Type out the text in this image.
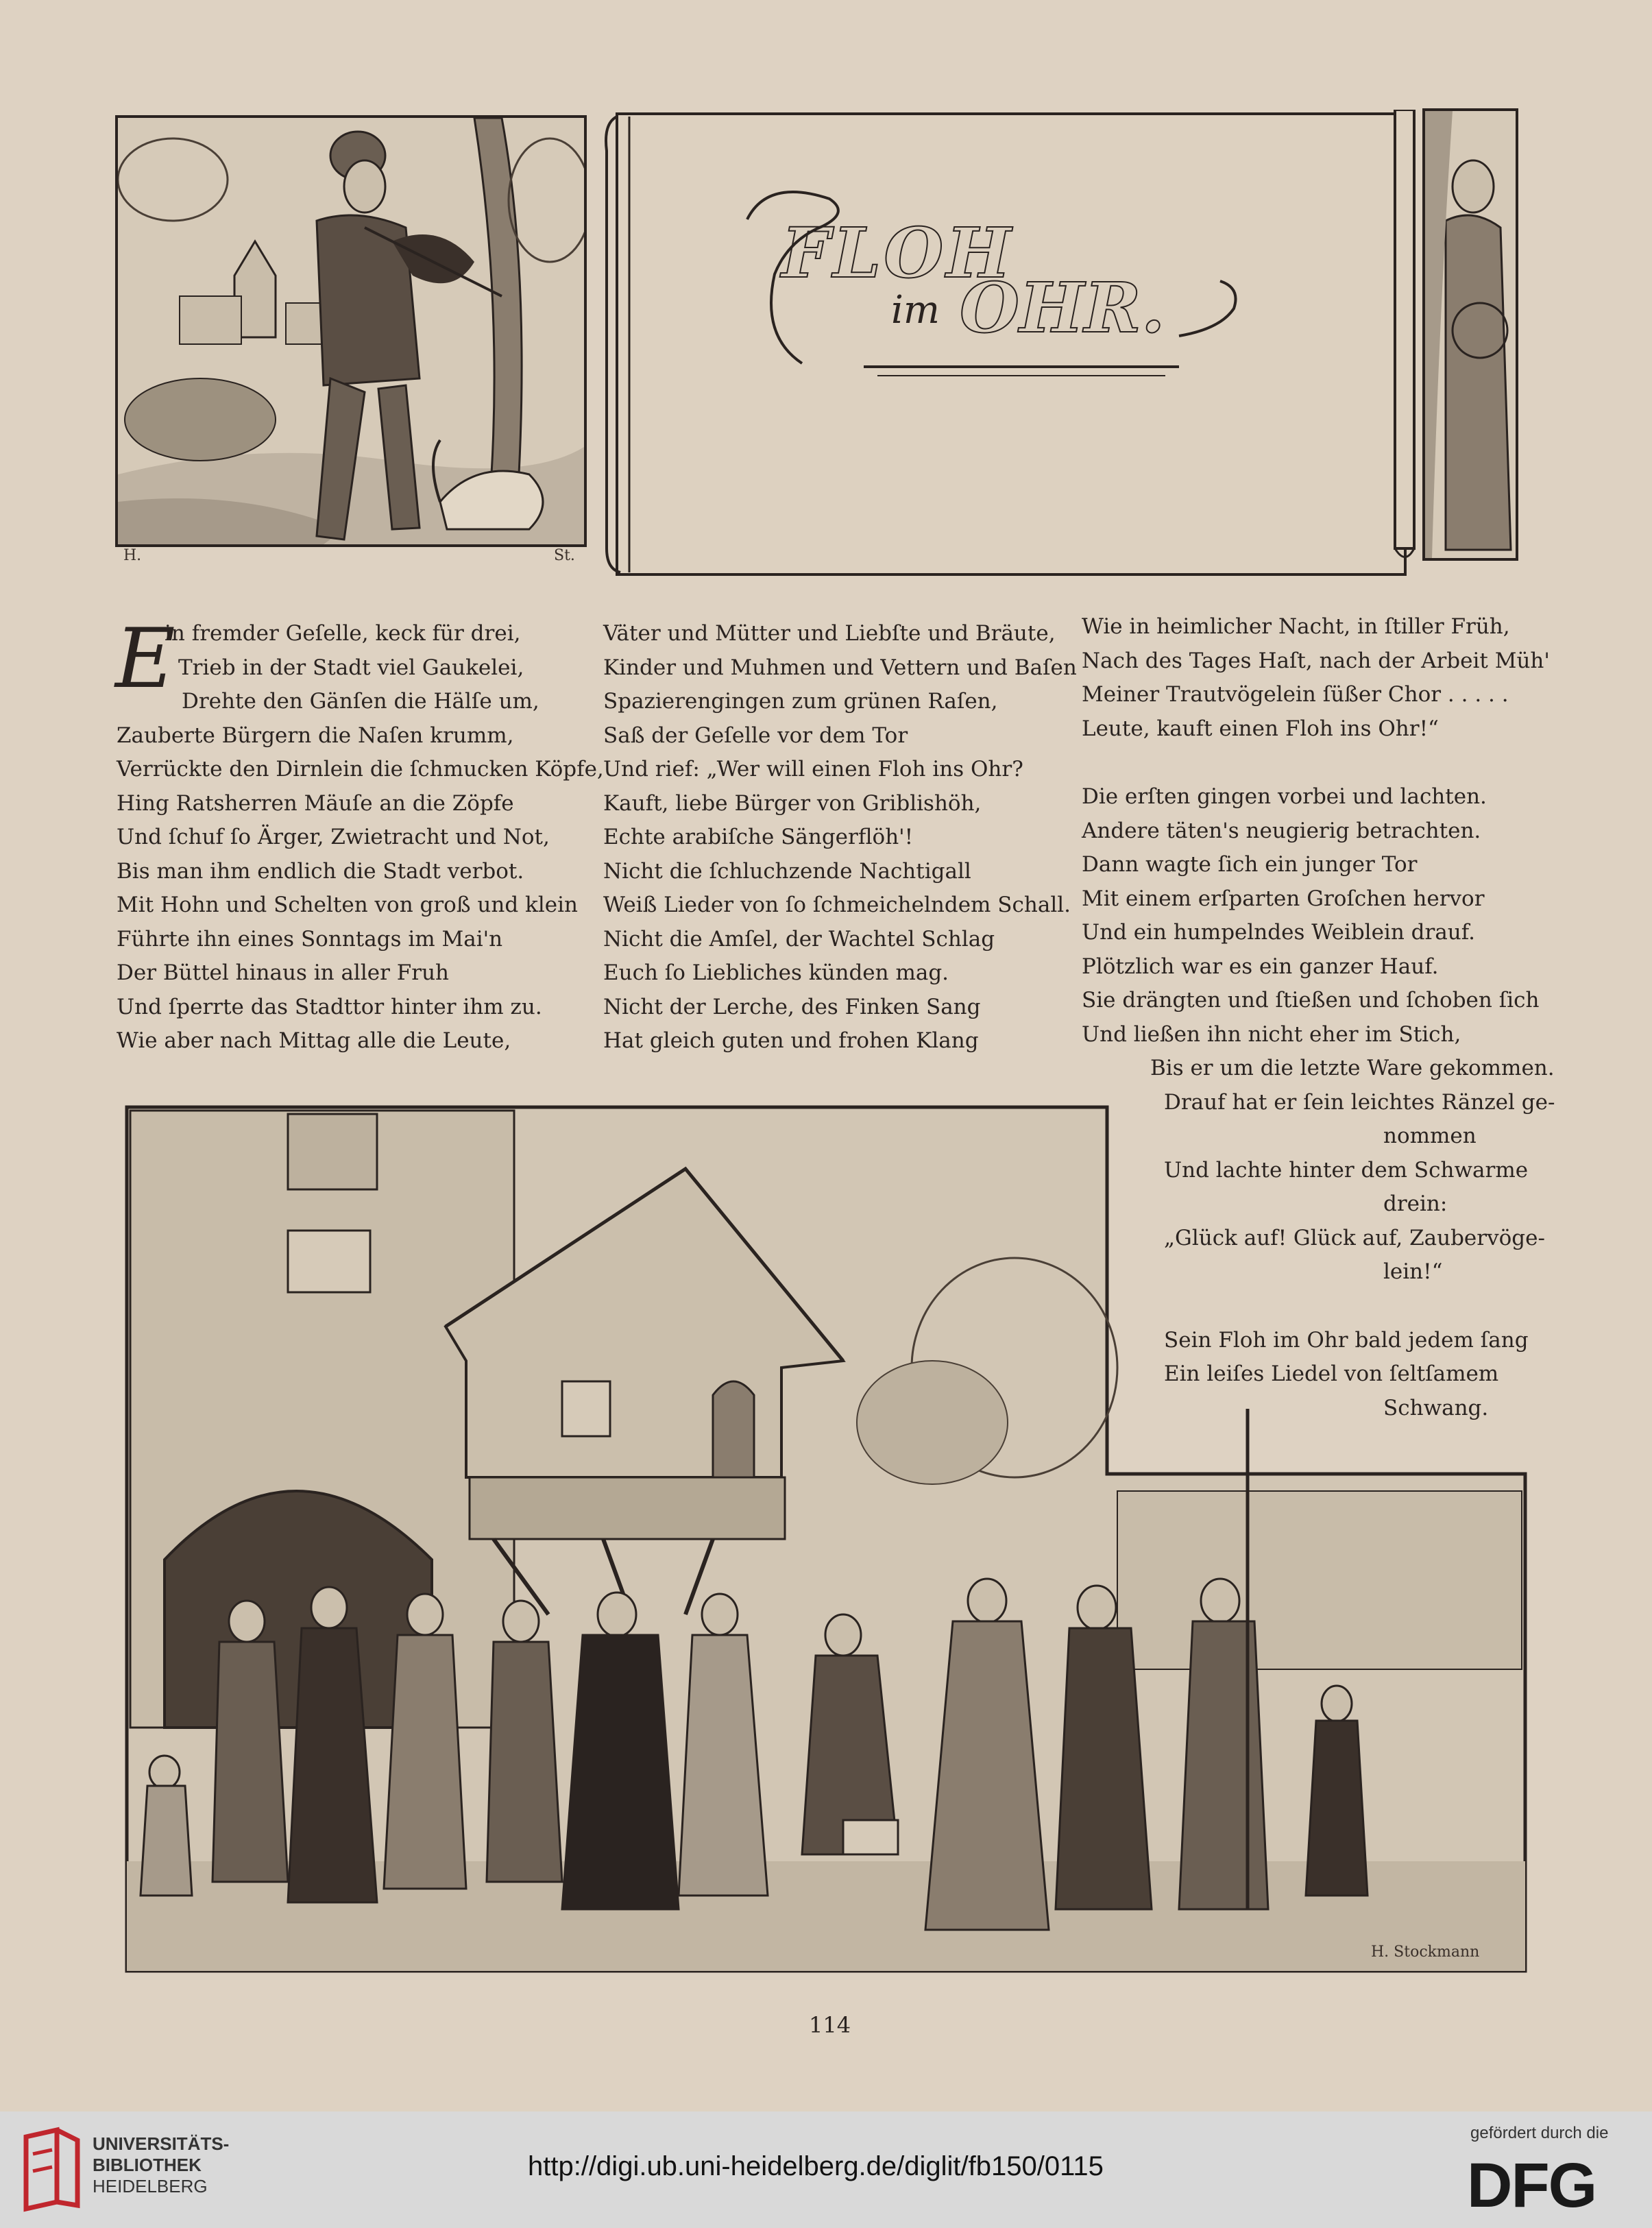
H.	St.
FLOH
im OHR.
E
in fremder Geſelle, keck für drei,
Trieb in der Stadt viel Gaukelei,
Drehte den Gänſen die Hälſe um,
Zauberte Bürgern die Naſen krumm,
Verrückte den Dirnlein die ſchmucken Köpfe,
Hing Ratsherren Mäuſe an die Zöpfe
Und ſchuf ſo Ärger, Zwietracht und Not,
Bis man ihm endlich die Stadt verbot.
Mit Hohn und Schelten von groß und klein
Führte ihn eines Sonntags im Mai'n
Der Büttel hinaus in aller Fruh
Und ſperrte das Stadttor hinter ihm zu.
Wie aber nach Mittag alle die Leute,
Väter und Mütter und Liebſte und Bräute,
Kinder und Muhmen und Vettern und Baſen
Spazierengingen zum grünen Raſen,
Saß der Geſelle vor dem Tor
Und rief: „Wer will einen Floh ins Ohr?
Kauft, liebe Bürger von Griblishöh,
Echte arabiſche Sängerflöh'!
Nicht die ſchluchzende Nachtigall
Weiß Lieder von ſo ſchmeichelndem Schall.
Nicht die Amſel, der Wachtel Schlag
Euch ſo Liebliches künden mag.
Nicht der Lerche, des Finken Sang
Hat gleich guten und frohen Klang
Wie in heimlicher Nacht, in ſtiller Früh,
Nach des Tages Haſt, nach der Arbeit Müh'
Meiner Trautvögelein ſüßer Chor . . . . .
Leute, kauft einen Floh ins Ohr!“
Die erſten gingen vorbei und lachten.
Andere täten's neugierig betrachten.
Dann wagte ſich ein junger Tor
Mit einem erſparten Groſchen hervor
Und ein humpelndes Weiblein drauf.
Plötzlich war es ein ganzer Hauf.
Sie drängten und ſtießen und ſchoben ſich
Und ließen ihn nicht eher im Stich,
Bis er um die letzte Ware gekommen.
Drauf hat er ſein leichtes Ränzel ge-
nommen
Und lachte hinter dem Schwarme
drein:
„Glück auf! Glück auf, Zaubervöge-
lein!“
Sein Floh im Ohr bald jedem ſang
Ein leiſes Liedel von ſeltſamem
Schwang.
H. Stockmann
114
UNIVERSITÄTS-
BIBLIOTHEK
HEIDELBERG
http://digi.ub.uni-heidelberg.de/diglit/fb150/0115
gefördert durch die
DFG
